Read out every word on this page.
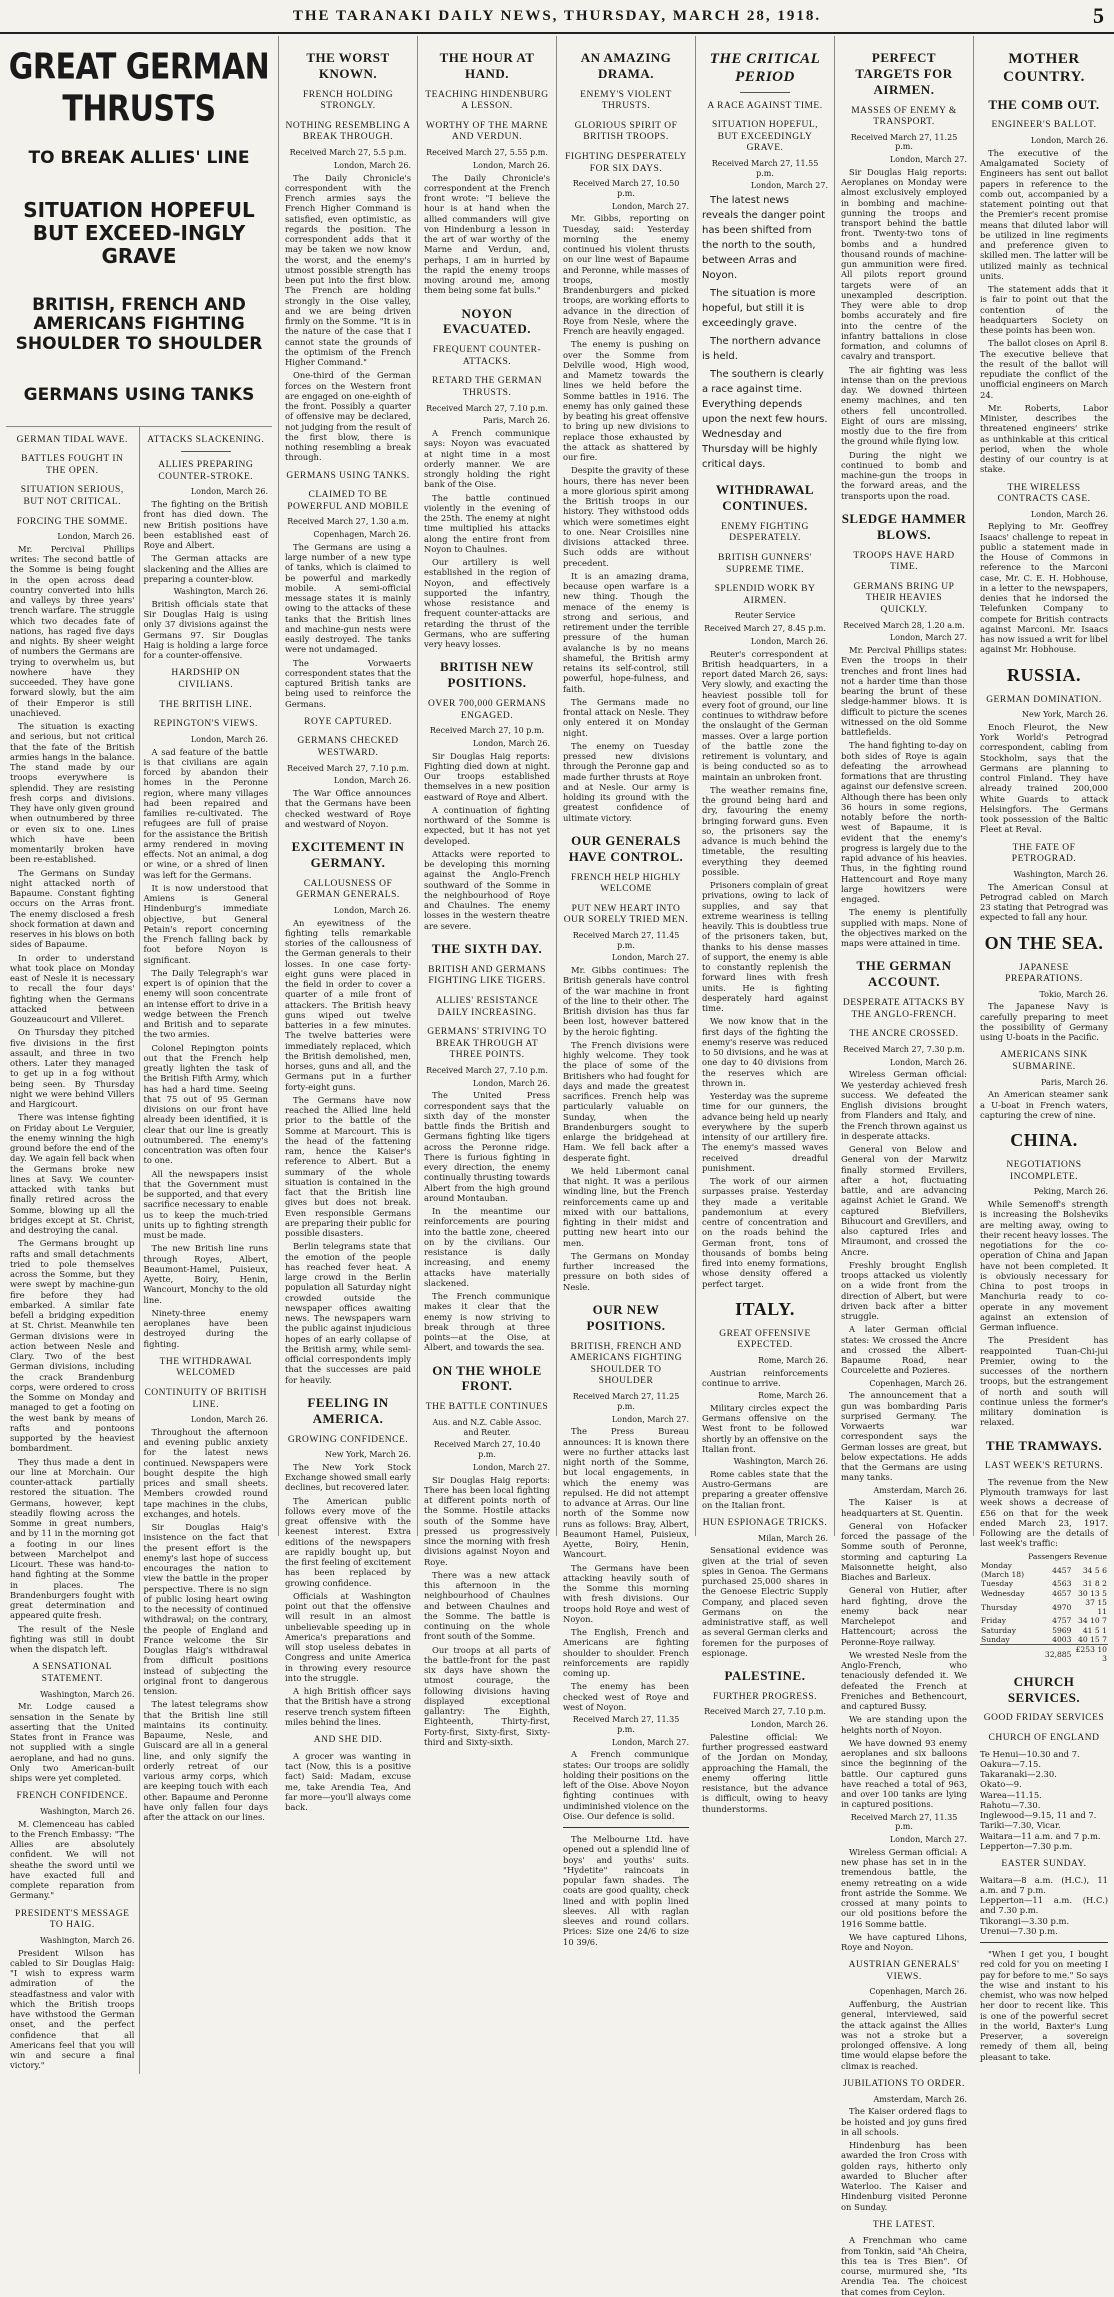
THE TARANAKI DAILY NEWS, THURSDAY, MARCH 28, 1918.	5
GREAT GERMAN THRUSTS
TO BREAK ALLIES' LINE
SITUATION HOPEFUL BUT EXCEED-INGLY GRAVE
BRITISH, FRENCH AND AMERICANS FIGHTING SHOULDER TO SHOULDER
GERMANS USING TANKS
GERMAN TIDAL WAVE.
BATTLES FOUGHT IN THE OPEN.
SITUATION SERIOUS, BUT NOT CRITICAL.
FORCING THE SOMME.
London, March 26.

Mr. Percival Phillips writes: The second battle of the Somme is being fought in the open across dead country converted into hills and valleys by three years' trench warfare. The struggle which two decades fate of nations, has raged five days and nights. By sheer weight of numbers the Germans are trying to overwhelm us, but nowhere have they succeeded. They have gone forward slowly, but the aim of their Emperor is still unachieved.

The situation is exacting and serious, but not critical that the fate of the British armies hangs in the balance. The stand made by our troops everywhere is splendid. They are resisting fresh corps and divisions. They have only given ground when outnumbered by three or even six to one. Lines which have been momentarily broken have been re-established.

The Germans on Sunday night attacked north of Bapaume. Constant fighting occurs on the Arras front. The enemy disclosed a fresh shock formation at dawn and reserves in his blows on both sides of Bapaume.

In order to understand what took place on Monday east of Nesle it is necessary to recall the four days' fighting when the Germans attacked between Gouzeaucourt and Villeret.

On Thursday they pitched five divisions in the first assault, and three in two others. Later they managed to get up in a fog without being seen. By Thursday night we were behind Villers and Hargicourt.

There was intense fighting on Friday about Le Verguier, the enemy winning the high ground before the end of the day. We again fell back when the Germans broke new lines at Savy. We counter-attacked with tanks but finally retired across the Somme, blowing up all the bridges except at St. Christ, and destroying the canal.

The Germans brought up rafts and small detachments tried to pole themselves across the Somme, but they were swept by machine-gun fire before they had embarked. A similar fate befell a bridging expedition at St. Christ. Meanwhile ten German divisions were in action between Nesle and Clary. Two of the best German divisions, including the crack Brandenburg corps, were ordered to cross the Somme on Monday and managed to get a footing on the west bank by means of rafts and pontoons supported by the heaviest bombardment.

They thus made a dent in our line at Morchain. Our counter-attack partially restored the situation. The Germans, however, kept steadily flowing across the Somme in great numbers, and by 11 in the morning got a footing in our lines between Marchelpot and Licourt. These was hand-to-hand fighting at the Somme in places. The Brandenburgers fought with great determination and appeared quite fresh.

The result of the Nesle fighting was still in doubt when the dispatch left.

A SENSATIONAL STATEMENT.
Washington, March 26.

Mr. Lodge caused a sensation in the Senate by asserting that the United States front in France was not supplied with a single aeroplane, and had no guns. Only two American-built ships were yet completed.

FRENCH CONFIDENCE.
Washington, March 26.

M. Clemenceau has cabled to the French Embassy: "The Allies are absolutely confident. We will not sheathe the sword until we have exacted full and complete reparation from Germany."

PRESIDENT'S MESSAGE TO HAIG.
Washington, March 26.

President Wilson has cabled to Sir Douglas Haig: "I wish to express warm admiration of the steadfastness and valor with which the British troops have withstood the German onset, and the perfect confidence that all Americans feel that you will win and secure a final victory."

ATTACKS SLACKENING.
ALLIES PREPARING COUNTER-STROKE.
London, March 26.

The fighting on the British front has died down. The new British positions have been established east of Roye and Albert.

The German attacks are slackening and the Allies are preparing a counter-blow.

Washington, March 26.

British officials state that Sir Douglas Haig is using only 37 divisions against the Germans 97. Sir Douglas Haig is holding a large force for a counter-offensive.

HARDSHIP ON CIVILIANS.
THE BRITISH LINE.
REPINGTON'S VIEWS.
London, March 26.

A sad feature of the battle is that civilians are again forced by abandon their homes in the Peronne region, where many villages had been repaired and families re-cultivated. The refugees are full of praise for the assistance the British army rendered in moving effects. Not an animal, a dog or wine, or a shred of linen was left for the Germans.

It is now understood that Amiens is General Hindenburg's immediate objective, but General Petain's report concerning the French falling back by foot before Noyon is significant.

The Daily Telegraph's war expert is of opinion that the enemy will soon concentrate an intense effort to drive in a wedge between the French and British and to separate the two armies.

Colonel Repington points out that the French help greatly lighten the task of the British Fifth Army, which has had a hard time. Seeing that 75 out of 95 German divisions on our front have already been identified, it is clear that our line is greatly outnumbered. The enemy's concentration was often four to one.

All the newspapers insist that the Government must be supported, and that every sacrifice necessary to enable us to keep the much-tried units up to fighting strength must be made.

The new British line runs through Royes, Albert, Beaumont-Hamel, Puisieux, Ayette, Boiry, Henin, Wancourt, Monchy to the old line.

Ninety-three enemy aeroplanes have been destroyed during the fighting.

THE WITHDRAWAL WELCOMED
CONTINUITY OF BRITISH LINE.
London, March 26.

Throughout the afternoon and evening public anxiety for the latest news continued. Newspapers were bought despite the high prices and small sheets. Members crowded round tape machines in the clubs, exchanges, and hotels.

Sir Douglas Haig's insistence on the fact that the present effort is the enemy's last hope of success encourages the nation to view the battle in the proper perspective. There is no sign of public losing heart owing to the necessity of continued withdrawal; on the contrary, the people of England and France welcome the Sir Douglas Haig's withdrawal from difficult positions instead of subjecting the original front to dangerous tension.

The latest telegrams show that the British line still maintains its continuity. Bapaume, Nesle, and Guiscard are all in a general line, and only signify the orderly retreat of our various army corps, which are keeping touch with each other. Bapaume and Peronne have only fallen four days after the attack on our lines.

THE WORST KNOWN.
FRENCH HOLDING STRONGLY.
NOTHING RESEMBLING A BREAK THROUGH.
Received March 27, 5.5 p.m.
London, March 26.

The Daily Chronicle's correspondent with the French armies says the French Higher Command is satisfied, even optimistic, as regards the position. The correspondent adds that it may be taken we now know the worst, and the enemy's utmost possible strength has been put into the first blow. The French are holding strongly in the Oise valley, and we are being driven firmly on the Somme. "It is in the nature of the case that I cannot state the grounds of the optimism of the French Higher Command."

One-third of the German forces on the Western front are engaged on one-eighth of the front. Possibly a quarter of offensive may be declared, not judging from the result of the first blow, there is nothing resembling a break through.

GERMANS USING TANKS.
CLAIMED TO BE POWERFUL AND MOBILE
Received March 27, 1.30 a.m.
Copenhagen, March 26.

The Germans are using a large number of a new type of tanks, which is claimed to be powerful and markedly mobile. A semi-official message states it is mainly owing to the attacks of these tanks that the British lines and machine-gun nests were easily destroyed. The tanks were not undamaged.

The Vorwaerts correspondent states that the captured British tanks are being used to reinforce the Germans.

ROYE CAPTURED.
GERMANS CHECKED WESTWARD.
Received March 27, 7.10 p.m.
London, March 26.

The War Office announces that the Germans have been checked westward of Roye and westward of Noyon.

EXCITEMENT IN GERMANY.
CALLOUSNESS OF GERMAN GENERALS.
London, March 26.

An eyewitness of the fighting tells remarkable stories of the callousness of the German generals to their losses. In one case forty-eight guns were placed in the field in order to cover a quarter of a mile front of attackers. The British heavy guns wiped out twelve batteries in a few minutes. The twelve batteries were immediately replaced, which the British demolished, men, horses, guns and all, and the Germans put in a further forty-eight guns.

The Germans have now reached the Allied line held prior to the battle of the Somme at Marcourt. This is the head of the fattening ram, hence the Kaiser's reference to Albert. But a summary of the whole situation is contained in the fact that the British line gives but does not break. Even responsible Germans are preparing their public for possible disasters.

Berlin telegrams state that the emotion of the people has reached fever heat. A large crowd in the Berlin population all Saturday night crowded outside the newspaper offices awaiting news. The newspapers warn the public against injudicious hopes of an early collapse of the British army, while semi-official correspondents imply that the successes are paid for heavily.

FEELING IN AMERICA.
GROWING CONFIDENCE.
New York, March 26.

The New York Stock Exchange showed small early declines, but recovered later.

The American public follows every move of the great offensive with the keenest interest. Extra editions of the newspapers are rapidly bought up, but the first feeling of excitement has been replaced by growing confidence.

Officials at Washington point out that the offensive will result in an almost unbelievable speeding up in America's preparations and will stop useless debates in Congress and unite America in throwing every resource into the struggle.

A high British officer says that the British have a strong reserve trench system fifteen miles behind the lines.

AND SHE DID.

A grocer was wanting in tact (Now, this is a positive fact) Said: Madam, excuse me, take Arendia Tea, And far more—you'll always come back.

THE HOUR AT HAND.
TEACHING HINDENBURG A LESSON.
WORTHY OF THE MARNE AND VERDUN.
Received March 27, 5.55 p.m.
London, March 26.

The Daily Chronicle's correspondent at the French front wrote: "I believe the hour is at hand when the allied commanders will give von Hindenburg a lesson in the art of war worthy of the Marne and Verdun, and, perhaps, I am in hurried by the rapid the enemy troops moving around me, among them being some fat bulls."

NOYON EVACUATED.
FREQUENT COUNTER-ATTACKS.
RETARD THE GERMAN THRUSTS.
Received March 27, 7.10 p.m.
Paris, March 26.

A French communique says: Noyon was evacuated at night time in a most orderly manner. We are strongly holding the right bank of the Oise.

The battle continued violently in the evening of the 25th. The enemy at night time multiplied his attacks along the entire front from Noyon to Chaulnes.

Our artillery is well established in the region of Noyon, and effectively supported the infantry, whose resistance and frequent counter-attacks are retarding the thrust of the Germans, who are suffering very heavy losses.

BRITISH NEW POSITIONS.
OVER 700,000 GERMANS ENGAGED.
Received March 27, 10 p.m.
London, March 26.

Sir Douglas Haig reports: Fighting died down at night. Our troops established themselves in a new position eastward of Roye and Albert.

A continuation of fighting northward of the Somme is expected, but it has not yet developed.

Attacks were reported to be developing this morning against the Anglo-French southward of the Somme in the neighbourhood of Roye and Chaulnes. The enemy losses in the western theatre are severe.

THE SIXTH DAY.
BRITISH AND GERMANS FIGHTING LIKE TIGERS.
ALLIES' RESISTANCE DAILY INCREASING.
GERMANS' STRIVING TO BREAK THROUGH AT THREE POINTS.
Received March 27, 7.10 p.m.
London, March 26.

The United Press correspondent says that the sixth day of the monster battle finds the British and Germans fighting like tigers across the Peronne ridge. There is furious fighting in every direction, the enemy continually thrusting towards Albert from the high ground around Montauban.

In the meantime our reinforcements are pouring into the battle zone, cheered on by the civilians. Our resistance is daily increasing, and enemy attacks have materially slackened.

The French communique makes it clear that the enemy is now striving to break through at three points—at the Oise, at Albert, and towards the sea.

ON THE WHOLE FRONT.
THE BATTLE CONTINUES
Aus. and N.Z. Cable Assoc. and Reuter.
Received March 27, 10.40 p.m.
London, March 27.

Sir Douglas Haig reports: There has been local fighting at different points north of the Somme. Hostile attacks south of the Somme have pressed us progressively since the morning with fresh divisions against Noyon and Roye.

There was a new attack this afternoon in the neighbourhood of Chaulnes and between Chaulnes and the Somme. The battle is continuing on the whole front south of the Somme.

Our troops at all parts of the battle-front for the past six days have shown the utmost courage, the following divisions having displayed exceptional gallantry: The Eighth, Eighteenth, Thirty-first, Forty-first, Sixty-first, Sixty-third and Sixty-sixth.

AN AMAZING DRAMA.
ENEMY'S VIOLENT THRUSTS.
GLORIOUS SPIRIT OF BRITISH TROOPS.
FIGHTING DESPERATELY FOR SIX DAYS.
Received March 27, 10.50 p.m.
London, March 27.

Mr. Gibbs, reporting on Tuesday, said: Yesterday morning the enemy continued his violent thrusts on our line west of Bapaume and Peronne, while masses of troops, mostly Brandenburgers and picked troops, are working efforts to advance in the direction of Roye from Nesle, where the French are heavily engaged.

The enemy is pushing on over the Somme from Delville wood, High wood, and Mametz towards the lines we held before the Somme battles in 1916. The enemy has only gained these by beating his great offensive to bring up new divisions to replace those exhausted by the attack as shattered by our fire.

Despite the gravity of these hours, there has never been a more glorious spirit among the British troops in our history. They withstood odds which were sometimes eight to one. Near Croisilles nine divisions attacked three. Such odds are without precedent.

It is an amazing drama, because open warfare is a new thing. Though the menace of the enemy is strong and serious, and retirement under the terrible pressure of the human avalanche is by no means shameful, the British army retains its self-control, still powerful, hope-fulness, and faith.

The Germans made no frontal attack on Nesle. They only entered it on Monday night.

The enemy on Tuesday pressed new divisions through the Peronne gap and made further thrusts at Roye and at Nesle. Our army is holding its ground with the greatest confidence of ultimate victory.

OUR GENERALS HAVE CONTROL.
FRENCH HELP HIGHLY WELCOME
PUT NEW HEART INTO OUR SORELY TRIED MEN.
Received March 27, 11.45 p.m.
London, March 27.

Mr. Gibbs continues: The British generals have control of the war machine in front of the line to their other. The British division has thus far been lost, however battered by the heroic fighting.

The French divisions were highly welcome. They took the place of some of the Britishers who had fought for days and made the greatest sacrifices. French help was particularly valuable on Sunday, when the Brandenburgers sought to enlarge the bridgehead at Ham. We fell back after a desperate fight.

We held Libermont canal that night. It was a perilous winding line, but the French reinforcements came up and mixed with our battalions, fighting in their midst and putting new heart into our men.

The Germans on Monday further increased the pressure on both sides of Nesle.

OUR NEW POSITIONS.
BRITISH, FRENCH AND AMERICANS FIGHTING SHOULDER TO SHOULDER
Received March 27, 11.25 p.m.
London, March 27.

The Press Bureau announces: It is known there were no further attacks last night north of the Somme, but local engagements, in which the enemy was repulsed. He did not attempt to advance at Arras. Our line north of the Somme now runs as follows: Bray, Albert, Beaumont Hamel, Puisieux, Ayette, Boiry, Henin, Wancourt.

The Germans have been attacking heavily south of the Somme this morning with fresh divisions. Our troops hold Roye and west of Noyon.

The English, French and Americans are fighting shoulder to shoulder. French reinforcements are rapidly coming up.

The enemy has been checked west of Roye and west of Noyon.

Received March 27, 11.35 p.m.
London, March 27.

A French communique states: Our troops are solidly holding their positions on the left of the Oise. Above Noyon fighting continues with undiminished violence on the Oise. Our defence is solid.

The Melbourne Ltd. have opened out a splendid line of boys' and youths' suits. "Hydetite" raincoats in popular fawn shades. The coats are good quality, check lined and with poplin lined sleeves. All with raglan sleeves and round collars. Prices: Size one 24/6 to size 10 39/6.

THE CRITICAL PERIOD
A RACE AGAINST TIME.
SITUATION HOPEFUL, BUT EXCEEDINGLY GRAVE.
Received March 27, 11.55 p.m.
London, March 27.

The latest news reveals the danger point has been shifted from the north to the south, between Arras and Noyon.

The situation is more hopeful, but still it is exceedingly grave.

The northern advance is held.

The southern is clearly a race against time. Everything depends upon the next few hours. Wednesday and Thursday will be highly critical days.

WITHDRAWAL CONTINUES.
ENEMY FIGHTING DESPERATELY.
BRITISH GUNNERS' SUPREME TIME.
SPLENDID WORK BY AIRMEN.
Reuter Service
Received March 27, 8.45 p.m.
London, March 26.

Reuter's correspondent at British headquarters, in a report dated March 26, says: Very slowly, and exacting the heaviest possible toll for every foot of ground, our line continues to withdraw before the onslaught of the German masses. Over a large portion of the battle zone the retirement is voluntary, and is being conducted so as to maintain an unbroken front.

The weather remains fine, the ground being hard and dry, favouring the enemy bringing forward guns. Even so, the prisoners say the advance is much behind the timetable, the resulting everything they deemed possible.

Prisoners complain of great privations, owing to lack of supplies, and say that extreme weariness is telling heavily. This is doubtless true of the prisoners taken, but, thanks to his dense masses of support, the enemy is able to constantly replenish the forward lines with fresh units. He is fighting desperately hard against time.

We now know that in the first days of the fighting the enemy's reserve was reduced to 50 divisions, and he was at one day to 40 divisions from the reserves which are thrown in.

Yesterday was the supreme time for our gunners, the advance being held up nearly everywhere by the superb intensity of our artillery fire. The enemy's massed waves received dreadful punishment.

The work of our airmen surpasses praise. Yesterday they made a veritable pandemonium at every centre of concentration and on the roads behind the German front, tons of thousands of bombs being fired into enemy formations, whose density offered a perfect target.

ITALY.
GREAT OFFENSIVE EXPECTED.
Rome, March 26.

Austrian reinforcements continue to arrive.

Rome, March 26.

Military circles expect the Germans offensive on the West front to be followed shortly by an offensive on the Italian front.

Washington, March 26.

Rome cables state that the Austro-Germans are preparing a greater offensive on the Italian front.

HUN ESPIONAGE TRICKS.
Milan, March 26.

Sensational evidence was given at the trial of seven spies in Genoa. The Germans purchased 25,000 shares in the Genoese Electric Supply Company, and placed seven Germans on the administrative staff, as well as several German clerks and foremen for the purposes of espionage.

PALESTINE.
FURTHER PROGRESS.
Received March 27, 7.10 p.m.
London, March 26.

Palestine official: We further progressed eastward of the Jordan on Monday, approaching the Hamali, the enemy offering little resistance, but the advance is difficult, owing to heavy thunderstorms.

PERFECT TARGETS FOR AIRMEN.
MASSES OF ENEMY & TRANSPORT.
Received March 27, 11.25 p.m.
London, March 27.

Sir Douglas Haig reports: Aeroplanes on Monday were almost exclusively employed in bombing and machine-gunning the troops and transport behind the battle front. Twenty-two tons of bombs and a hundred thousand rounds of machine-gun ammunition were fired. All pilots report ground targets were of an unexampled description. They were able to drop bombs accurately and fire into the centre of the infantry battalions in close formation, and columns of cavalry and transport.

The air fighting was less intense than on the previous day. We downed thirteen enemy machines, and ten others fell uncontrolled. Eight of ours are missing, mostly due to the fire from the ground while flying low.

During the night we continued to bomb and machine-gun the troops in the forward areas, and the transports upon the road.

SLEDGE HAMMER BLOWS.
TROOPS HAVE HARD TIME.
GERMANS BRING UP THEIR HEAVIES QUICKLY.
Received March 28, 1.20 a.m.
London, March 27.

Mr. Percival Phillips states: Even the troops in their trenches and front lines had not a harder time than those bearing the brunt of these sledge-hammer blows. It is difficult to picture the scenes witnessed on the old Somme battlefields.

The hand fighting to-day on both sides of Roye is again defeating the arrowhead formations that are thrusting against our defensive screen. Although there has been only 36 hours in some regions, notably before the north-west of Bapaume, it is evident that the enemy's progress is largely due to the rapid advance of his heavies. Thus, in the fighting round Hattencourt and Roye many large howitzers were engaged.

The enemy is plentifully supplied with maps. None of the objectives marked on the maps were attained in time.

THE GERMAN ACCOUNT.
DESPERATE ATTACKS BY THE ANGLO-FRENCH.
THE ANCRE CROSSED.
Received March 27, 7.30 p.m.
London, March 26.

Wireless German official: We yesterday achieved fresh success. We defeated the English divisions brought from Flanders and Italy, and the French thrown against us in desperate attacks.

General von Below and General von der Marwitz finally stormed Ervillers, after a hot, fluctuating battle, and are advancing against Achiet le Grand. We captured Biefvillers, Bihucourt and Grevillers, and also captured Irles and Miraumont, and crossed the Ancre.

Freshly brought English troops attacked us violently on a wide front from the direction of Albert, but were driven back after a bitter struggle.

A later German official states: We crossed the Ancre and crossed the Albert-Bapaume Road, near Courcelette and Pozieres.

Copenhagen, March 26.

The announcement that a gun was bombarding Paris surprised Germany. The Vorwaerts war correspondent says the German losses are great, but below expectations. He adds that the Germans are using many tanks.

Amsterdam, March 26.

The Kaiser is at headquarters at St. Quentin.

General von Hofacker forced the passage of the Somme south of Peronne, storming and capturing La Maisonnette height, also Biaches and Barleux.

General von Hutier, after hard fighting, drove the enemy back near Marchelepot and Hattencourt; across the Peronne-Roye railway.

We wrested Nesle from the Anglo-French, who tenaciously defended it. We defeated the French at Freniches and Bethencourt, and captured Bussy.

We are standing upon the heights north of Noyon.

We have downed 93 enemy aeroplanes and six balloons since the beginning of the battle. Our captured guns have reached a total of 963, and over 100 tanks are lying in captured positions.

Received March 27, 11.35 p.m.
London, March 27.

Wireless German official: A new phase has set in in the tremendous battle, the enemy retreating on a wide front astride the Somme. We crossed at many points to our old positions before the 1916 Somme battle.

We have captured Lihons, Roye and Noyon.

AUSTRIAN GENERALS' VIEWS.
Copenhagen, March 26.

Auffenburg, the Austrian general, interviewed, said the attack against the Allies was not a stroke but a prolonged offensive. A long time would elapse before the climax is reached.

JUBILATIONS TO ORDER.
Amsterdam, March 26.

The Kaiser ordered flags to be hoisted and joy guns fired in all schools.

Hindenburg has been awarded the Iron Cross with golden rays, hitherto only awarded to Blucher after Waterloo. The Kaiser and Hindenburg visited Peronne on Sunday.

THE LATEST.

A Frenchman who came from Tonkin, said "Ah Cheira, this tea is Tres Bien". Of course, murmured she, "Its Arendia Tea. The choicest that comes from Ceylon.

MOTHER COUNTRY.
THE COMB OUT.
ENGINEER'S BALLOT.
London, March 26.

The executive of the Amalgamated Society of Engineers has sent out ballot papers in reference to the comb out, accompanied by a statement pointing out that the Premier's recent promise means that diluted labor will be utilized in line regiments and preference given to skilled men. The latter will be utilized mainly as technical units.

The statement adds that it is fair to point out that the contention of the headquarters Society on these points has been won.

The ballot closes on April 8. The executive believe that the result of the ballot will repudiate the conflict of the unofficial engineers on March 24.

Mr. Roberts, Labor Minister, describes the threatened engineers' strike as unthinkable at this critical period, when the whole destiny of our country is at stake.

THE WIRELESS CONTRACTS CASE.
London, March 26.

Replying to Mr. Geoffrey Isaacs' challenge to repeat in public a statement made in the House of Commons in reference to the Marconi case, Mr. C. E. H. Hobhouse, in a letter to the newspapers, denies that he indorsed the Telefunken Company to compete for British contracts against Marconi. Mr. Isaacs has now issued a writ for libel against Mr. Hobhouse.

RUSSIA.
GERMAN DOMINATION.
New York, March 26.

Enoch Fleurot, the New York World's Petrograd correspondent, cabling from Stockholm, says that the Germans are planning to control Finland. They have already trained 200,000 White Guards to attack Helsingfors. The Germans took possession of the Baltic Fleet at Reval.

THE FATE OF PETROGRAD.
Washington, March 26.

The American Consul at Petrograd cabled on March 23 stating that Petrograd was expected to fall any hour.

ON THE SEA.
JAPANESE PREPARATIONS.
Tokio, March 26.

The Japanese Navy is carefully preparing to meet the possibility of Germany using U-boats in the Pacific.

AMERICANS SINK SUBMARINE.
Paris, March 26.

An American steamer sank a U-boat in French waters, capturing the crew of nine.

CHINA.
NEGOTIATIONS INCOMPLETE.
Peking, March 26.

While Semenoff's strength is increasing the Bolsheviks are melting away, owing to their recent heavy losses. The negotiations for the co-operation of China and Japan have not been completed. It is obviously necessary for China to post troops in Manchuria ready to co-operate in any movement against an extension of German influence.

The President has reappointed Tuan-Chi-jui Premier, owing to the successes of the northern troops, but the estrangement of north and south will continue unless the former's military domination is relaxed.

THE TRAMWAYS.
LAST WEEK'S RETURNS.

The revenue from the New Plymouth tramways for last week shows a decrease of £56 on that for the week ended March 23, 1917. Following are the details of last week's traffic:

	Passengers	Revenue
Monday (March 18)	4457	34 5 6
Tuesday	4563	31 8 2
Wednesday	4657	30 13 5
Thursday	4970	37 15 11
Friday	4757	34 10 7
Saturday	5969	41 5 1
Sunday	4003	40 15 7
	32,885	£253 10 3
CHURCH SERVICES.
GOOD FRIDAY SERVICES
CHURCH OF ENGLAND
Te Henui—10.30 and 7.
Oakura—7.15.
Takaranaki—2.30.
Okato—9.
Warea—11.15.
Rahotu—7.30.
Inglewood—9.15, 11 and 7.
Tariki—7.30, Vicar.
Waitara—11 a.m. and 7 p.m.
Lepperton—7.30 p.m.
EASTER SUNDAY.
Waitara—8 a.m. (H.C.), 11 a.m. and 7 p.m.
Lepperton—11 a.m. (H.C.) and 7.30 p.m.
Tikorangi—3.30 p.m.
Urenui—7.30 p.m.

"When I get you, I bought red cold for you on meeting I pay for before to me." So says the wise and instant to his chemist, who was now helped her door to recent like. This is one of the powerful secret in the world, Baxter's Lung Preserver, a sovereign remedy of them all, being pleasant to take.
